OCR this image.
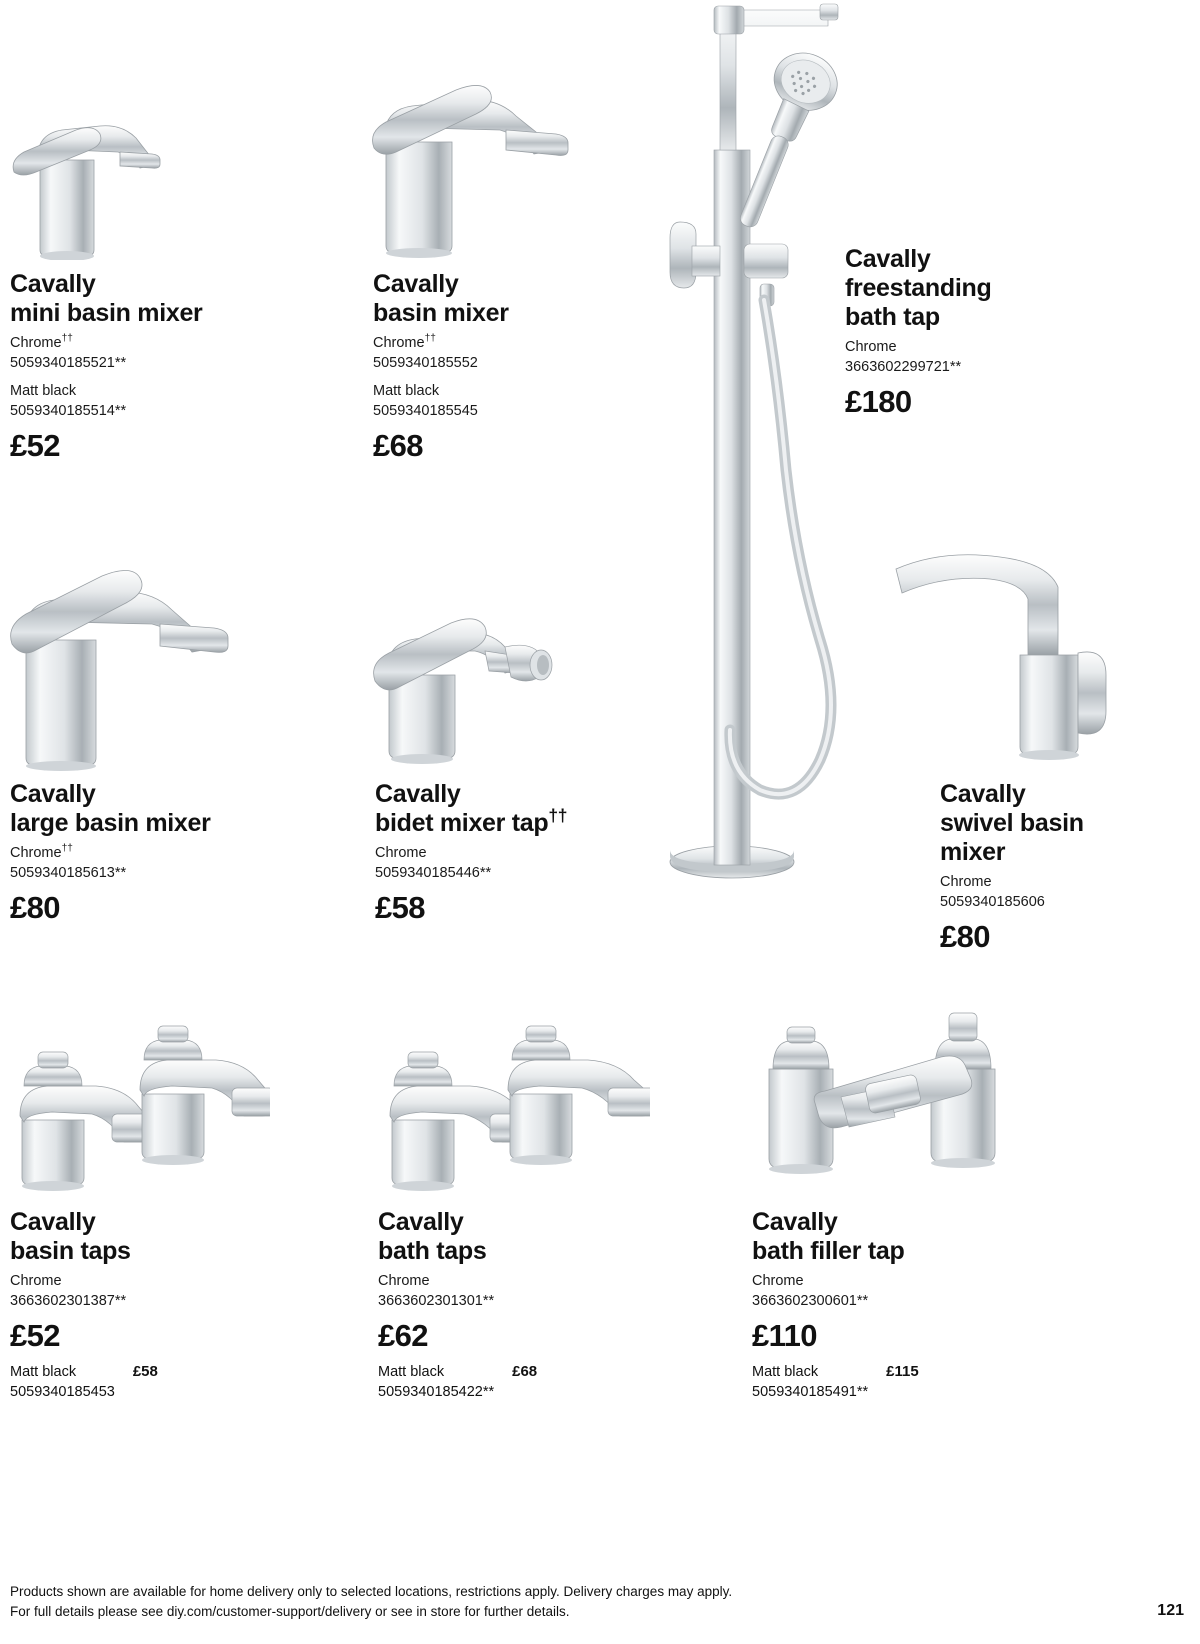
Cavally
mini basin mixer

Chrome††

5059340185521**

Matt black

5059340185514**

£52
Cavally
basin mixer

Chrome††

5059340185552

Matt black

5059340185545

£68
Cavally
freestanding
bath tap

Chrome

3663602299721**

£180
Cavally
large basin mixer

Chrome††

5059340185613**

£80
Cavally
bidet mixer tap††

Chrome

5059340185446**

£58
Cavally
swivel basin
mixer

Chrome

5059340185606

£80
Cavally
basin taps

Chrome

3663602301387**

£52
Matt black
5059340185453
£58
Cavally
bath taps

Chrome

3663602301301**

£62
Matt black
5059340185422**
£68
Cavally
bath filler tap

Chrome

3663602300601**

£110
Matt black
5059340185491**
£115
Products shown are available for home delivery only to selected locations, restrictions apply. Delivery charges may apply.
For full details please see diy.com/customer-support/delivery or see in store for further details.	121
